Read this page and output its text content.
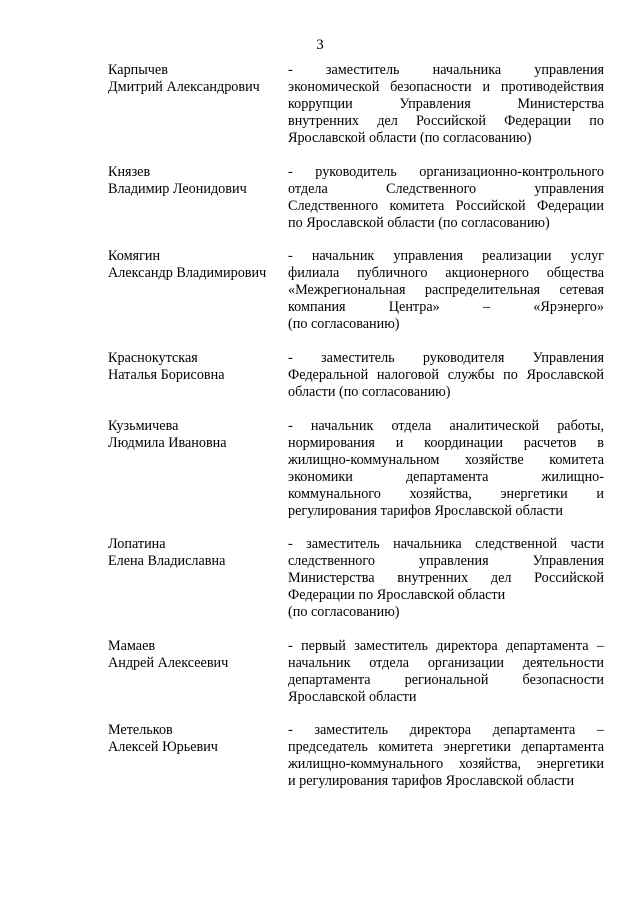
3
Карпычев
Дмитрий Александрович
- заместитель начальника управления
экономической безопасности и противодействия
коррупции Управления Министерства
внутренних дел Российской Федерации по
Ярославской области (по согласованию)
Князев
Владимир Леонидович
- руководитель организационно-контрольного
отдела Следственного управления
Следственного комитета Российской Федерации
по Ярославской области (по согласованию)
Комягин
Александр Владимирович
- начальник управления реализации услуг
филиала публичного акционерного общества
«Межрегиональная распределительная сетевая
компания Центра» – «Ярэнерго»
(по согласованию)
Краснокутская
Наталья Борисовна
- заместитель руководителя Управления
Федеральной налоговой службы по Ярославской
области (по согласованию)
Кузьмичева
Людмила Ивановна
- начальник отдела аналитической работы,
нормирования и координации расчетов в
жилищно-коммунальном хозяйстве комитета
экономики департамента жилищно-
коммунального хозяйства, энергетики и
регулирования тарифов Ярославской области
Лопатина
Елена Владиславна
- заместитель начальника следственной части
следственного управления Управления
Министерства внутренних дел Российской
Федерации по Ярославской области
(по согласованию)
Мамаев
Андрей Алексеевич
- первый заместитель директора департамента –
начальник отдела организации деятельности
департамента региональной безопасности
Ярославской области
Метельков
Алексей Юрьевич
- заместитель директора департамента –
председатель комитета энергетики департамента
жилищно-коммунального хозяйства, энергетики
и регулирования тарифов Ярославской области
